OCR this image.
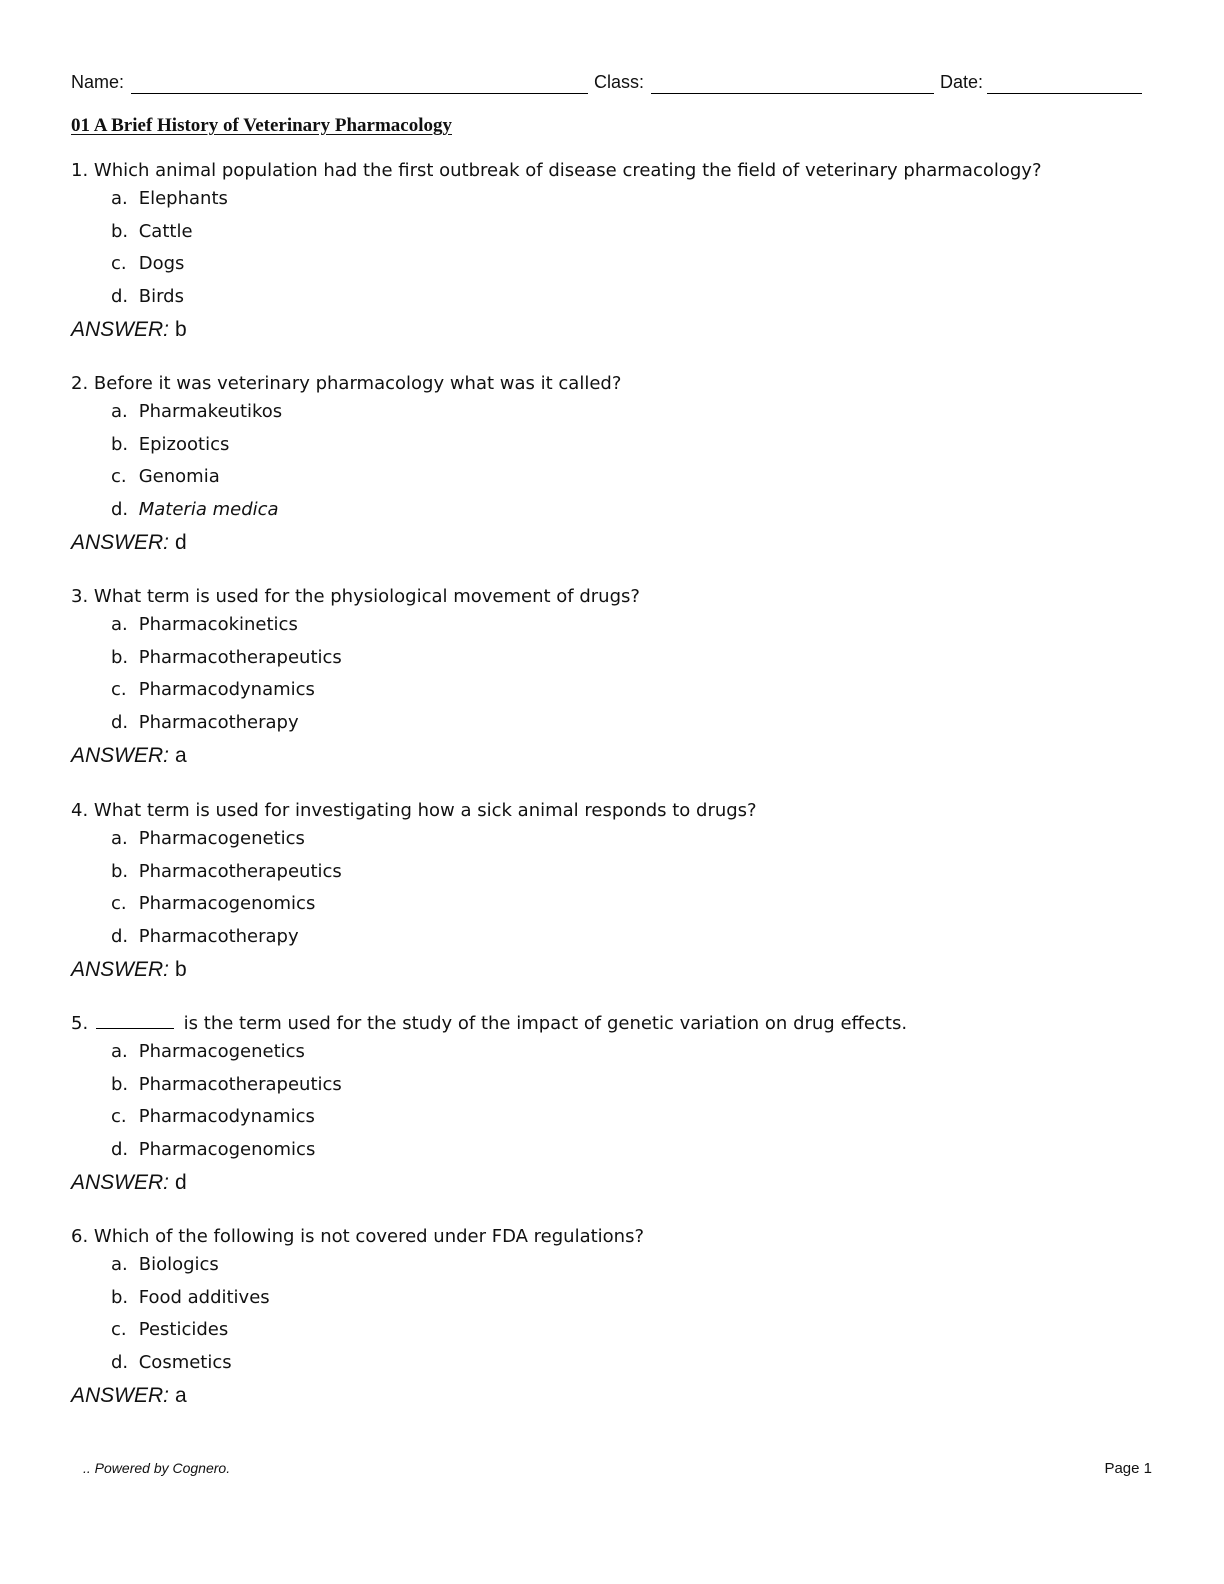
Name:	Class:	Date:
01 A Brief History of Veterinary Pharmacology
1. Which animal population had the first outbreak of disease creating the field of veterinary pharmacology?
a. Elephants
b. Cattle
c. Dogs
d. Birds
ANSWER: b
2. Before it was veterinary pharmacology what was it called?
a. Pharmakeutikos
b. Epizootics
c. Genomia
d. Materia medica
ANSWER: d
3. What term is used for the physiological movement of drugs?
a. Pharmacokinetics
b. Pharmacotherapeutics
c. Pharmacodynamics
d. Pharmacotherapy
ANSWER: a
4. What term is used for investigating how a sick animal responds to drugs?
a. Pharmacogenetics
b. Pharmacotherapeutics
c. Pharmacogenomics
d. Pharmacotherapy
ANSWER: b
5.	is the term used for the study of the impact of genetic variation on drug effects.
a. Pharmacogenetics
b. Pharmacotherapeutics
c. Pharmacodynamics
d. Pharmacogenomics
ANSWER: d
6. Which of the following is not covered under FDA regulations?
a. Biologics
b. Food additives
c. Pesticides
d. Cosmetics
ANSWER: a
.. Powered by Cognero.	Page 1
